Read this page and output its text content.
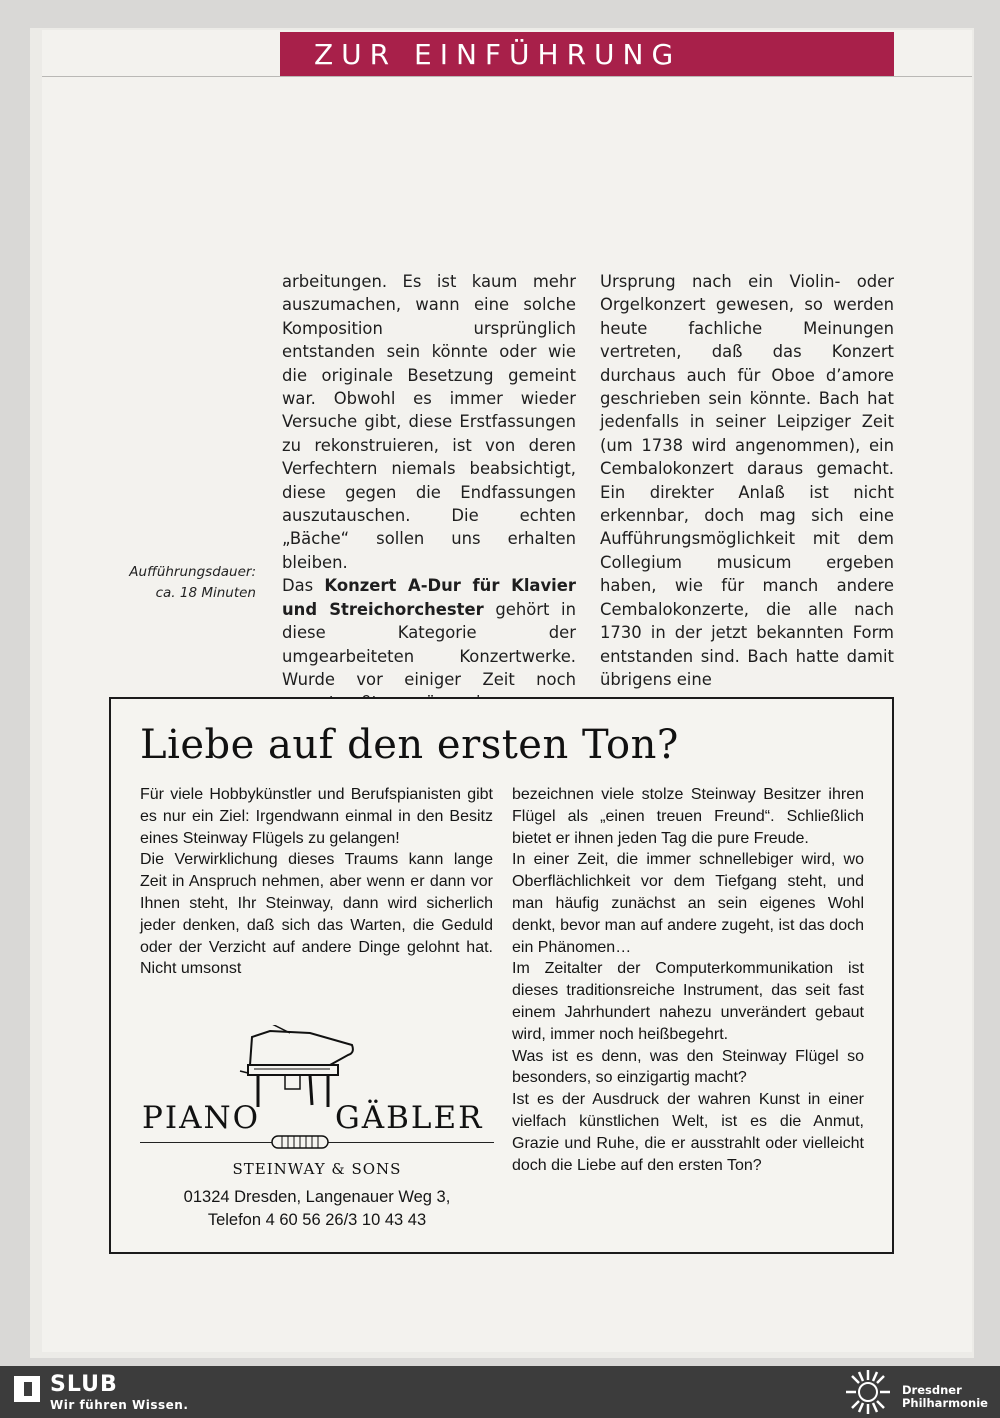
ZUR EINFÜHRUNG

arbeitungen. Es ist kaum mehr auszumachen, wann eine solche Komposition ursprünglich entstanden sein könnte oder wie die originale Besetzung gemeint war. Obwohl es immer wieder Versuche gibt, diese Erstfassungen zu rekonstruieren, ist von deren Verfechtern niemals beabsichtigt, diese gegen die Endfassungen auszutauschen. Die echten „Bäche“ sollen uns erhalten bleiben.

Das Konzert A-Dur für Klavier und Streichorchester gehört in diese Kategorie der umgearbeiteten Konzertwerke. Wurde vor einiger Zeit noch

Ursprung nach ein Violin- oder Orgelkonzert gewesen, so werden heute fachliche Meinungen vertreten, daß das Konzert durchaus auch für Oboe d’amore geschrieben sein könnte. Bach hat jedenfalls in seiner Leipziger Zeit (um 1738 wird angenommen), ein Cembalokonzert daraus gemacht. Ein direkter Anlaß ist nicht erkennbar, doch mag sich eine Aufführungsmöglichkeit mit dem Collegium musicum ergeben haben, wie für manch andere Cembalokonzerte, die alle nach 1730 in der jetzt bekannten Form entstanden sind. Bach hatte damit übrigens eine

Aufführungsdauer:
ca. 18 Minuten
Liebe auf den ersten Ton?

Für viele Hobbykünstler und Berufspianisten gibt es nur ein Ziel: Irgendwann einmal in den Besitz eines Steinway Flügels zu gelangen!

Die Verwirklichung dieses Traums kann lange Zeit in Anspruch nehmen, aber wenn er dann vor Ihnen steht, Ihr Steinway, dann wird sicherlich jeder denken, daß sich das Warten, die Geduld oder der Verzicht auf andere Dinge gelohnt hat. Nicht umsonst

bezeichnen viele stolze Steinway Besitzer ihren Flügel als „einen treuen Freund“. Schließlich bietet er ihnen jeden Tag die pure Freude.

In einer Zeit, die immer schnellebiger wird, wo Oberflächlichkeit vor dem Tiefgang steht, und man häufig zunächst an sein eigenes Wohl denkt, bevor man auf andere zugeht, ist das doch ein Phänomen…

Im Zeitalter der Computerkommunikation ist dieses traditionsreiche Instrument, das seit fast einem Jahrhundert nahezu unverändert gebaut wird, immer noch heißbegehrt.

Was ist es denn, was den Steinway Flügel so besonders, so einzigartig macht?

Ist es der Ausdruck der wahren Kunst in einer vielfach künstlichen Welt, ist es die Anmut, Grazie und Ruhe, die er ausstrahlt oder vielleicht doch die Liebe auf den ersten Ton?

PIANO GÄBLER
STEINWAY & SONS
01324 Dresden, Langenauer Weg 3,
Telefon 4 60 56 26/3 10 43 43
SLUB
Wir führen Wissen.
Dresdner
Philharmonie
